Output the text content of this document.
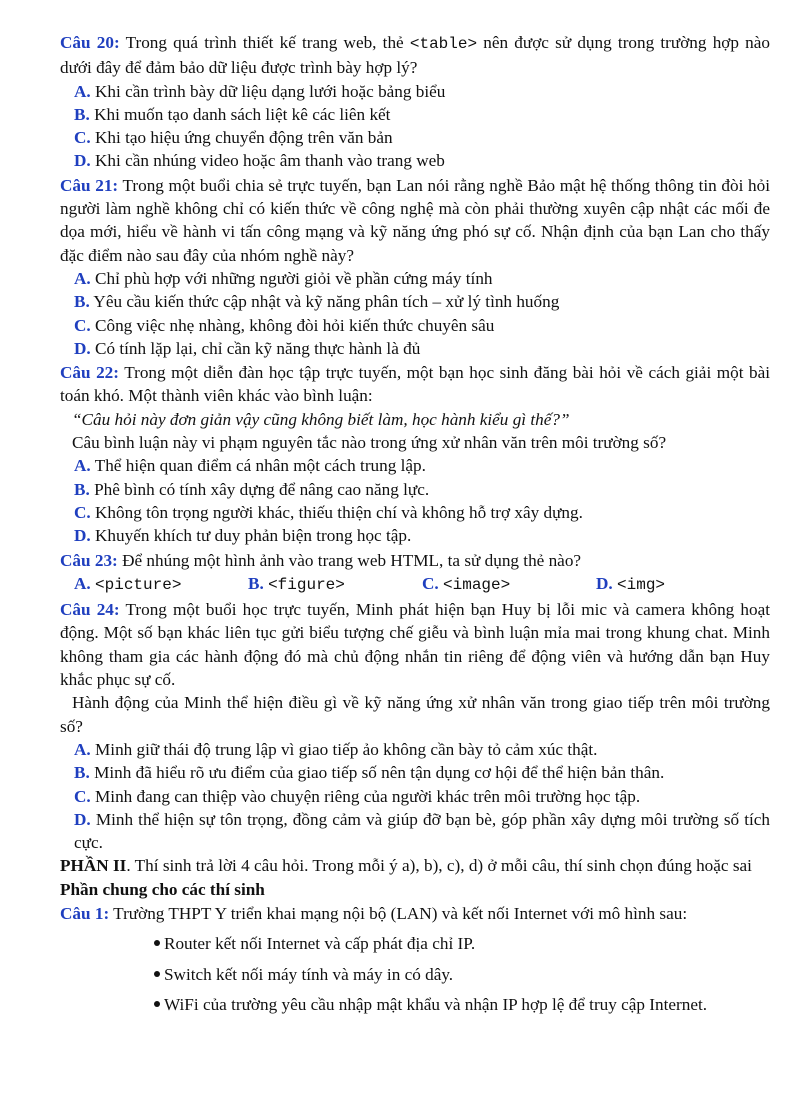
Câu 20: Trong quá trình thiết kế trang web, thẻ <table> nên được sử dụng trong trường hợp nào dưới đây để đảm bảo dữ liệu được trình bày hợp lý?

A. Khi cần trình bày dữ liệu dạng lưới hoặc bảng biểu

B. Khi muốn tạo danh sách liệt kê các liên kết

C. Khi tạo hiệu ứng chuyển động trên văn bản

D. Khi cần nhúng video hoặc âm thanh vào trang web

Câu 21: Trong một buổi chia sẻ trực tuyến, bạn Lan nói rằng nghề Bảo mật hệ thống thông tin đòi hỏi người làm nghề không chỉ có kiến thức về công nghệ mà còn phải thường xuyên cập nhật các mối đe dọa mới, hiểu về hành vi tấn công mạng và kỹ năng ứng phó sự cố. Nhận định của bạn Lan cho thấy đặc điểm nào sau đây của nhóm nghề này?

A. Chỉ phù hợp với những người giỏi về phần cứng máy tính

B. Yêu cầu kiến thức cập nhật và kỹ năng phân tích – xử lý tình huống

C. Công việc nhẹ nhàng, không đòi hỏi kiến thức chuyên sâu

D. Có tính lặp lại, chỉ cần kỹ năng thực hành là đủ

Câu 22: Trong một diễn đàn học tập trực tuyến, một bạn học sinh đăng bài hỏi về cách giải một bài toán khó. Một thành viên khác vào bình luận:

“Câu hỏi này đơn giản vậy cũng không biết làm, học hành kiểu gì thế?”

Câu bình luận này vi phạm nguyên tắc nào trong ứng xử nhân văn trên môi trường số?

A. Thể hiện quan điểm cá nhân một cách trung lập.

B. Phê bình có tính xây dựng để nâng cao năng lực.

C. Không tôn trọng người khác, thiếu thiện chí và không hỗ trợ xây dựng.

D. Khuyến khích tư duy phản biện trong học tập.

Câu 23: Để nhúng một hình ảnh vào trang web HTML, ta sử dụng thẻ nào?

A. <picture>	B. <figure>	C. <image>	D. <img>

Câu 24: Trong một buổi học trực tuyến, Minh phát hiện bạn Huy bị lỗi mic và camera không hoạt động. Một số bạn khác liên tục gửi biểu tượng chế giễu và bình luận mỉa mai trong khung chat. Minh không tham gia các hành động đó mà chủ động nhắn tin riêng để động viên và hướng dẫn bạn Huy khắc phục sự cố.

Hành động của Minh thể hiện điều gì về kỹ năng ứng xử nhân văn trong giao tiếp trên môi trường số?

A. Minh giữ thái độ trung lập vì giao tiếp ảo không cần bày tỏ cảm xúc thật.

B. Minh đã hiểu rõ ưu điểm của giao tiếp số nên tận dụng cơ hội để thể hiện bản thân.

C. Minh đang can thiệp vào chuyện riêng của người khác trên môi trường học tập.

D. Minh thể hiện sự tôn trọng, đồng cảm và giúp đỡ bạn bè, góp phần xây dựng môi trường số tích cực.

PHẦN II. Thí sinh trả lời 4 câu hỏi. Trong mỗi ý a), b), c), d) ở mỗi câu, thí sinh chọn đúng hoặc sai

Phần chung cho các thí sinh

Câu 1: Trường THPT Y triển khai mạng nội bộ (LAN) và kết nối Internet với mô hình sau:

Router kết nối Internet và cấp phát địa chỉ IP.

Switch kết nối máy tính và máy in có dây.

WiFi của trường yêu cầu nhập mật khẩu và nhận IP hợp lệ để truy cập Internet.
